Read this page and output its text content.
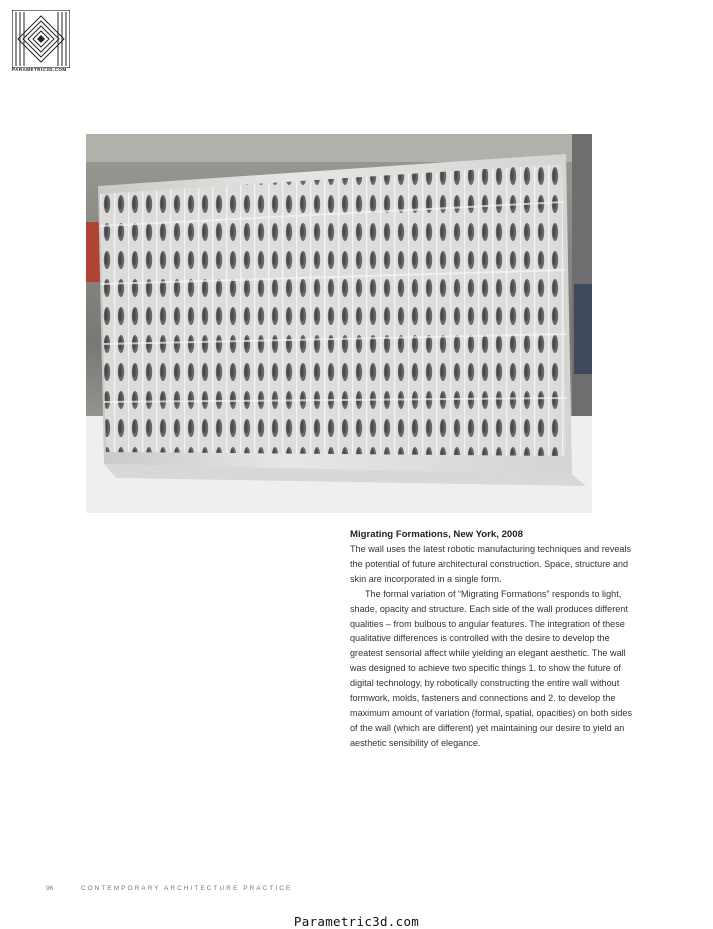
PARAMETRIC3D.COM
Migrating Formations, New York, 2008

The wall uses the latest robotic manufacturing techniques and reveals the potential of future architectural construction. Space, structure and skin are incorporated in a single form.

The formal variation of “Migrating Formations” responds to light, shade, opacity and structure. Each side of the wall produces different qualities – from bulbous to angular features. The integration of these qualitative differences is controlled with the desire to develop the greatest sensorial affect while yielding an elegant aesthetic. The wall was designed to achieve two specific things 1. to show the future of digital technology, by robotically constructing the entire wall without formwork, molds, fasteners and connections and 2. to develop the maximum amount of variation (formal, spatial, opacities) on both sides of the wall (which are different) yet maintaining our desire to yield an aesthetic sensibility of elegance.

96	CONTEMPORARY ARCHITECTURE PRACTICE
Parametric3d.com
